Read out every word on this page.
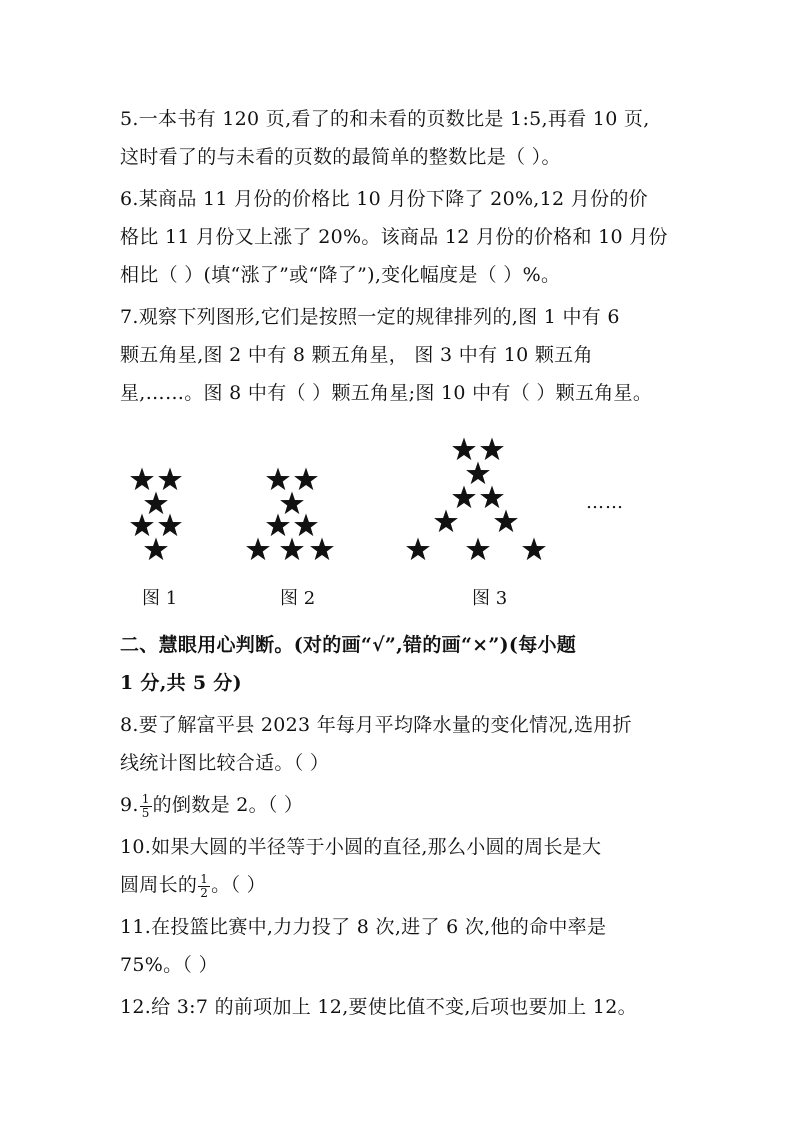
5.一本书有 120 页,看了的和未看的页数比是 1:5,再看 10 页,
这时看了的与未看的页数的最简单的整数比是（ ）。
6.某商品 11 月份的价格比 10 月份下降了 20%,12 月份的价
格比 11 月份又上涨了 20%。该商品 12 月份的价格和 10 月份
相比（ ）(填“涨了”或“降了”),变化幅度是（ ）%。
7.观察下列图形,它们是按照一定的规律排列的,图 1 中有 6
颗五角星,图 2 中有 8 颗五角星， 图 3 中有 10 颗五角
星,……。图 8 中有（ ）颗五角星;图 10 中有（ ）颗五角星。
……
图 1	图 2	图 3
二、慧眼用心判断。(对的画“√”,错的画“×”)(每小题
1 分,共 5 分)
8.要了解富平县 2023 年每月平均降水量的变化情况,选用折
线统计图比较合适。（ ）
9. $\frac{1}{5}$ 的倒数是 2。（ ）
10.如果大圆的半径等于小圆的直径,那么小圆的周长是大
圆周长的 $\frac{1}{2}$ 。（ ）
11.在投篮比赛中,力力投了 8 次,进了 6 次,他的命中率是
75%。（ ）
12.给 3:7 的前项加上 12,要使比值不变,后项也要加上 12。
